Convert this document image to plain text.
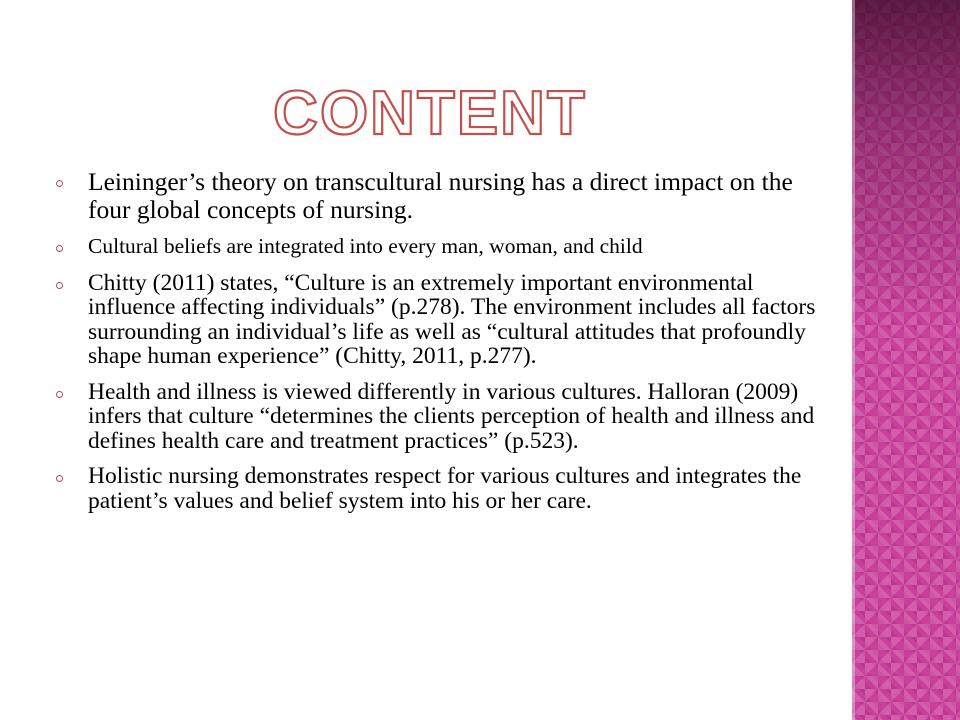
CONTENT
Leininger’s theory on transcultural nursing has a direct impact on the four global concepts of nursing.
Cultural beliefs are integrated into every man, woman, and child
Chitty (2011) states, “Culture is an extremely important environmental influence affecting individuals” (p.278). The environment includes all factors surrounding an individual’s life as well as “cultural attitudes that profoundly shape human experience” (Chitty, 2011, p.277).
Health and illness is viewed differently in various cultures. Halloran (2009) infers that culture “determines the clients perception of health and illness and defines health care and treatment practices” (p.523).
Holistic nursing demonstrates respect for various cultures and integrates the patient’s values and belief system into his or her care.
